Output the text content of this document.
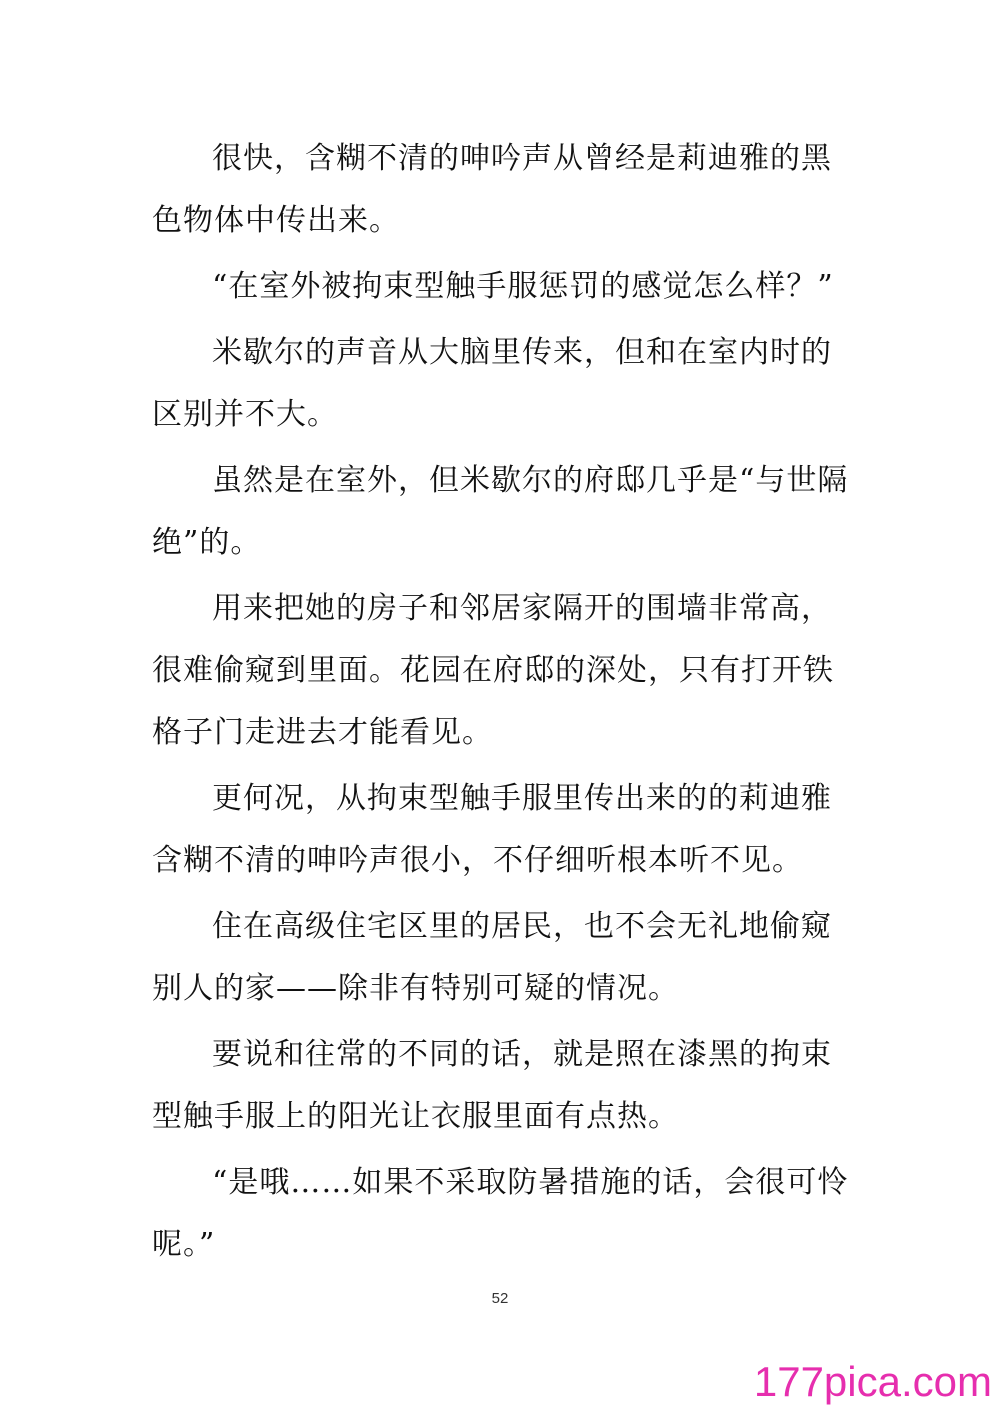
很快，含糊不清的呻吟声从曾经是莉迪雅的黑色物体中传出来。

“在室外被拘束型触手服惩罚的感觉怎么样？”

米歇尔的声音从大脑里传来，但和在室内时的区别并不大。

虽然是在室外，但米歇尔的府邸几乎是“与世隔绝”的。

用来把她的房子和邻居家隔开的围墙非常高，很难偷窥到里面。花园在府邸的深处，只有打开铁格子门走进去才能看见。

更何况，从拘束型触手服里传出来的的莉迪雅含糊不清的呻吟声很小，不仔细听根本听不见。

住在高级住宅区里的居民，也不会无礼地偷窥别人的家——除非有特别可疑的情况。

要说和往常的不同的话，就是照在漆黑的拘束型触手服上的阳光让衣服里面有点热。

“是哦……如果不采取防暑措施的话，会很可怜呢。”

52
177pica.com
